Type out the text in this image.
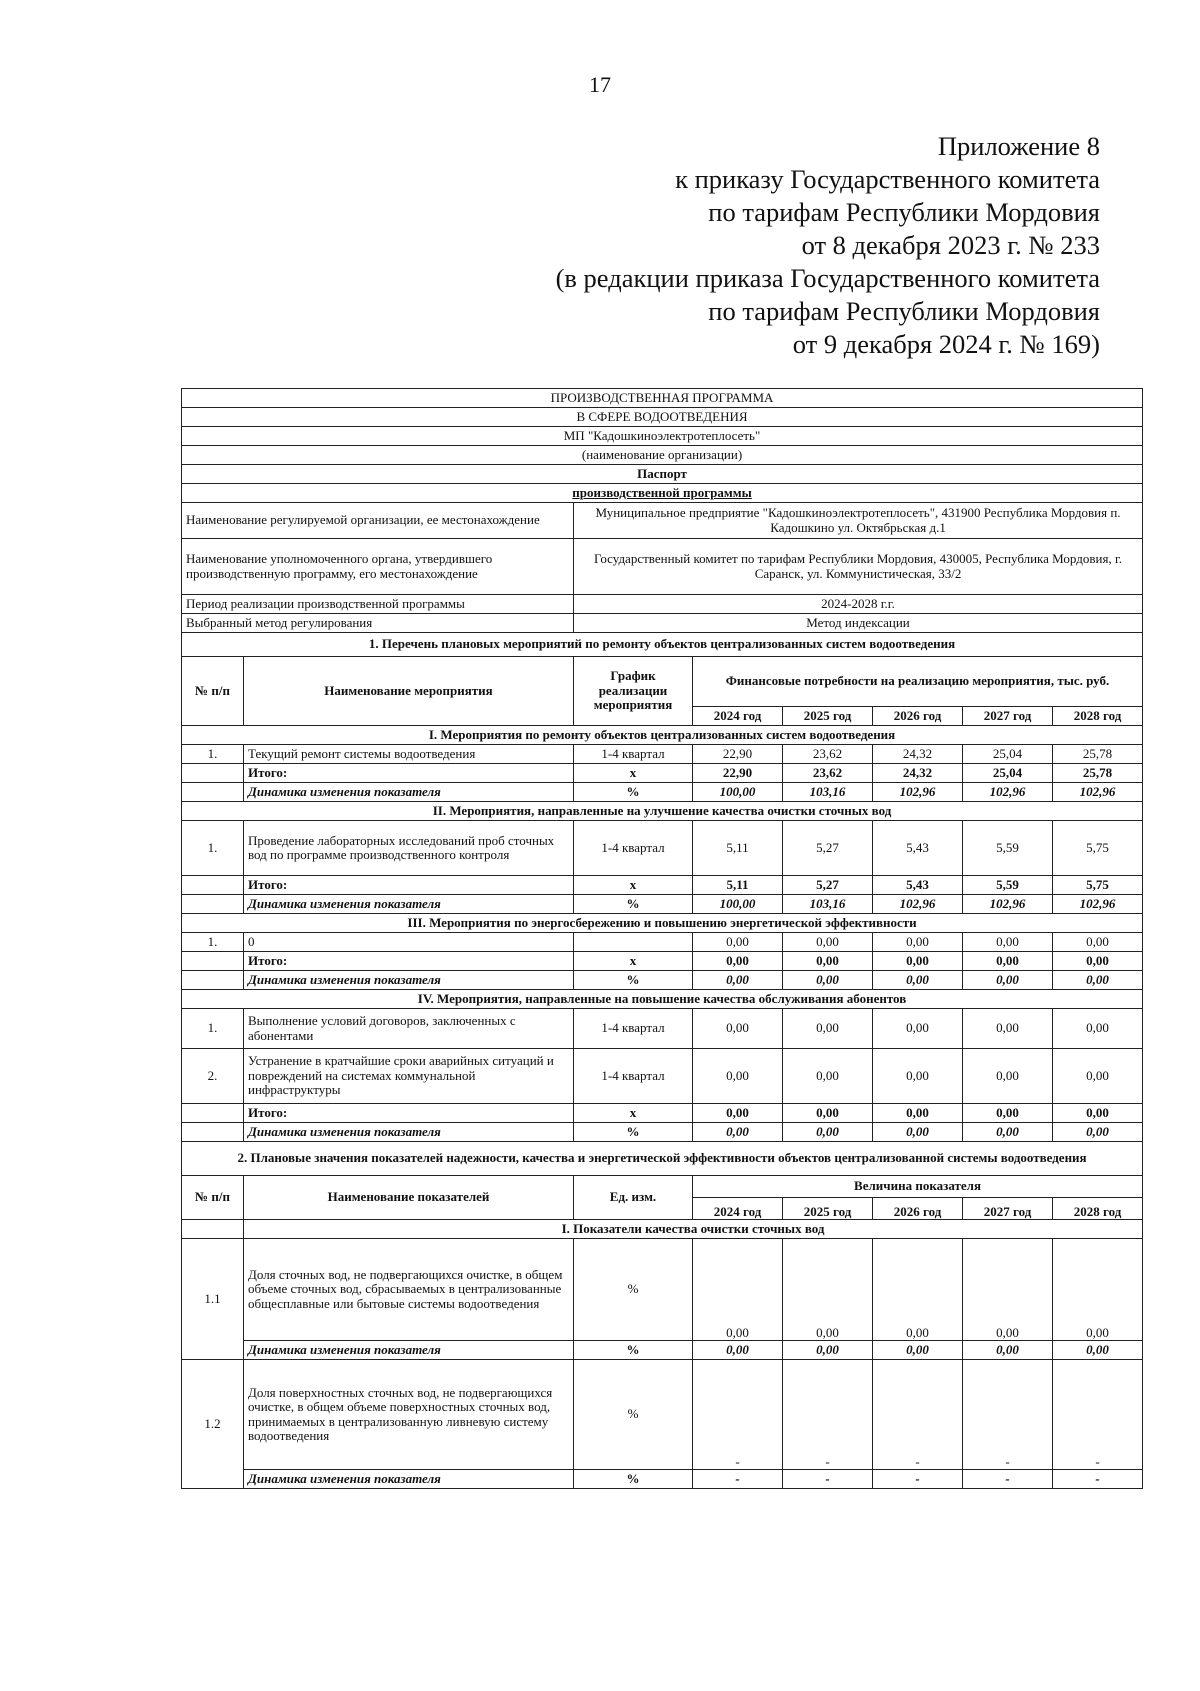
17
Приложение 8
к приказу Государственного комитета
по тарифам Республики Мордовия
от 8 декабря 2023 г. № 233
(в редакции приказа Государственного комитета
по тарифам Республики Мордовия
от 9 декабря 2024 г. № 169)
ПРОИЗВОДСТВЕННАЯ ПРОГРАММА							
В СФЕРЕ ВОДООТВЕДЕНИЯ							
МП "Кадошкиноэлектротеплосеть"							
(наименование организации)							
Паспорт							
производственной программы							
Наименование регулируемой организации, ее местонахождение		Муниципальное предприятие "Кадошкиноэлектротеплосеть", 431900 Республика Мордовия п. Кадошкино ул. Октябрьская д.1					
Наименование уполномоченного органа, утвердившего производственную программу, его местонахождение		Государственный комитет по тарифам Республики Мордовия, 430005, Республика Мордовия, г. Саранск, ул. Коммунистическая, 33/2					
Период реализации производственной программы		2024-2028 г.г.					
Выбранный метод регулирования		Метод индексации					
1. Перечень плановых мероприятий по ремонту объектов централизованных систем водоотведения							
№ п/п	Наименование мероприятия	График реализации мероприятия	Финансовые потребности на реализацию мероприятия, тыс. руб.				
			2024 год	2025 год	2026 год	2027 год	2028 год
I. Мероприятия по ремонту объектов централизованных систем водоотведения							
1.	Текущий ремонт системы водоотведения	1-4 квартал	22,90	23,62	24,32	25,04	25,78
	Итого:	х	22,90	23,62	24,32	25,04	25,78
	Динамика изменения показателя	%	100,00	103,16	102,96	102,96	102,96
II. Мероприятия, направленные на улучшение качества очистки сточных вод							
1.	Проведение лабораторных исследований проб сточных вод по программе производственного контроля	1-4 квартал	5,11	5,27	5,43	5,59	5,75
	Итого:	х	5,11	5,27	5,43	5,59	5,75
	Динамика изменения показателя	%	100,00	103,16	102,96	102,96	102,96
III. Мероприятия по энергосбережению и повышению энергетической эффективности							
1.	0		0,00	0,00	0,00	0,00	0,00
	Итого:	х	0,00	0,00	0,00	0,00	0,00
	Динамика изменения показателя	%	0,00	0,00	0,00	0,00	0,00
IV. Мероприятия, направленные на повышение качества обслуживания абонентов							
1.	Выполнение условий договоров, заключенных с абонентами	1-4 квартал	0,00	0,00	0,00	0,00	0,00
2.	Устранение в кратчайшие сроки аварийных ситуаций и повреждений на системах коммунальной инфраструктуры	1-4 квартал	0,00	0,00	0,00	0,00	0,00
	Итого:	х	0,00	0,00	0,00	0,00	0,00
	Динамика изменения показателя	%	0,00	0,00	0,00	0,00	0,00
2. Плановые значения показателей надежности, качества и энергетической эффективности объектов централизованной системы водоотведения							
№ п/п	Наименование показателей	Ед. изм.	Величина показателя				
			2024 год	2025 год	2026 год	2027 год	2028 год
	I. Показатели качества очистки сточных вод						
1.1	Доля сточных вод, не подвергающихся очистке, в общем объеме сточных вод, сбрасываемых в централизованные общесплавные или бытовые системы водоотведения	%	0,00	0,00	0,00	0,00	0,00
	Динамика изменения показателя	%	0,00	0,00	0,00	0,00	0,00
1.2	Доля поверхностных сточных вод, не подвергающихся очистке, в общем объеме поверхностных сточных вод, принимаемых в централизованную ливневую систему водоотведения	%	-	-	-	-	-
	Динамика изменения показателя	%	-	-	-	-	-
